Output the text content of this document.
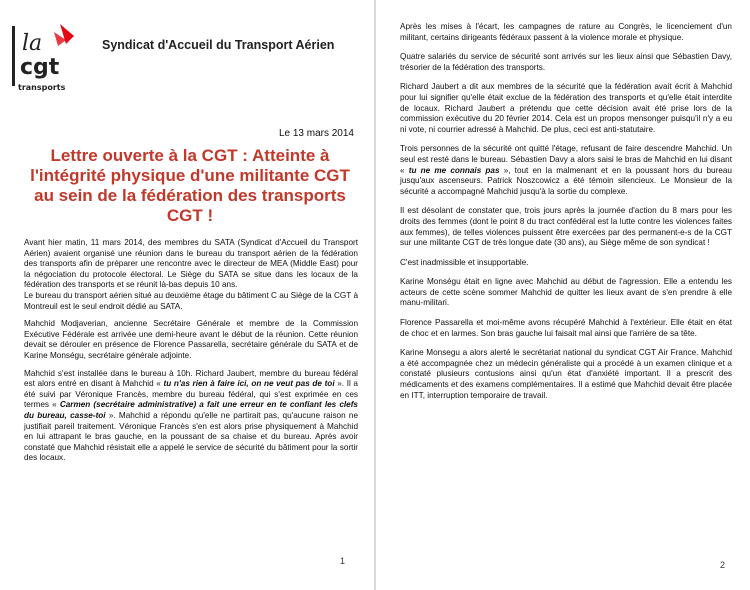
la
cgt
transports
Syndicat d'Accueil du Transport Aérien
Le 13 mars 2014
Lettre ouverte à la CGT : Atteinte à l'intégrité physique d'une militante CGT au sein de la fédération des transports CGT !

Avant hier matin, 11 mars 2014, des membres du SATA (Syndicat d'Accueil du Transport Aérien) avaient organisé une réunion dans le bureau du transport aérien de la fédération des transports afin de préparer une rencontre avec le directeur de MEA (Middle East) pour la négociation du protocole électoral. Le Siège du SATA se situe dans les locaux de la fédération des transports et se réunit là-bas depuis 10 ans.

Le bureau du transport aérien situé au deuxième étage du bâtiment C au Siège de la CGT à Montreuil est le seul endroit dédié au SATA.

Mahchid Modjaverian, ancienne Secrétaire Générale et membre de la Commission Exécutive Fédérale est arrivée une demi-heure avant le début de la réunion. Cette réunion devait se dérouler en présence de Florence Passarella, secrétaire générale du SATA et de Karine Monségu, secrétaire générale adjointe.

Mahchid s'est installée dans le bureau à 10h. Richard Jaubert, membre du bureau fédéral est alors entré en disant à Mahchid « tu n'as rien à faire ici, on ne veut pas de toi ». Il a été suivi par Véronique Francès, membre du bureau fédéral, qui s'est exprimée en ces termes « Carmen (secrétaire administrative) a fait une erreur en te confiant les clefs du bureau, casse-toi ». Mahchid a répondu qu'elle ne partirait pas, qu'aucune raison ne justifiait pareil traitement. Véronique Francès s'en est alors prise physiquement à Mahchid en lui attrapant le bras gauche, en la poussant de sa chaise et du bureau. Après avoir constaté que Mahchid résistait elle a appelé le service de sécurité du bâtiment pour la sortir des locaux.

1

Après les mises à l'écart, les campagnes de rature au Congrès, le licenciement d'un militant, certains dirigeants fédéraux passent à la violence morale et physique.

Quatre salariés du service de sécurité sont arrivés sur les lieux ainsi que Sébastien Davy, trésorier de la fédération des transports.

Richard Jaubert a dit aux membres de la sécurité que la fédération avait écrit à Mahchid pour lui signifier qu'elle était exclue de la fédération des transports et qu'elle était interdite de locaux. Richard Jaubert a prétendu que cette décision avait été prise lors de la commission exécutive du 20 février 2014. Cela est un propos mensonger puisqu'il n'y a eu ni vote, ni courrier adressé à Mahchid. De plus, ceci est anti-statutaire.

Trois personnes de la sécurité ont quitté l'étage, refusant de faire descendre Mahchid. Un seul est resté dans le bureau. Sébastien Davy a alors saisi le bras de Mahchid en lui disant « tu ne me connais pas », tout en la malmenant et en la poussant hors du bureau jusqu'aux ascenseurs. Patrick Noszcowicz a été témoin silencieux. Le Monsieur de la sécurité a accompagné Mahchid jusqu'à la sortie du complexe.

Il est désolant de constater que, trois jours après la journée d'action du 8 mars pour les droits des femmes (dont le point 8 du tract confédéral est la lutte contre les violences faites aux femmes), de telles violences puissent être exercées par des permanent-e-s de la CGT sur une militante CGT de très longue date (30 ans), au Siège même de son syndicat !

C'est inadmissible et insupportable.

Karine Monségu était en ligne avec Mahchid au début de l'agression. Elle a entendu les acteurs de cette scène sommer Mahchid de quitter les lieux avant de s'en prendre à elle manu-militari.

Florence Passarella et moi-même avons récupéré Mahchid à l'extérieur. Elle était en état de choc et en larmes. Son bras gauche lui faisait mal ainsi que l'arrière de sa tête.

Karine Monsegu a alors alerté le secrétariat national du syndicat CGT Air France. Mahchid a été accompagnée chez un médecin généraliste qui a procédé à un examen clinique et a constaté plusieurs contusions ainsi qu'un état d'anxiété important. Il a prescrit des médicaments et des examens complémentaires. Il a estimé que Mahchid devait être placée en ITT, interruption temporaire de travail.

2
